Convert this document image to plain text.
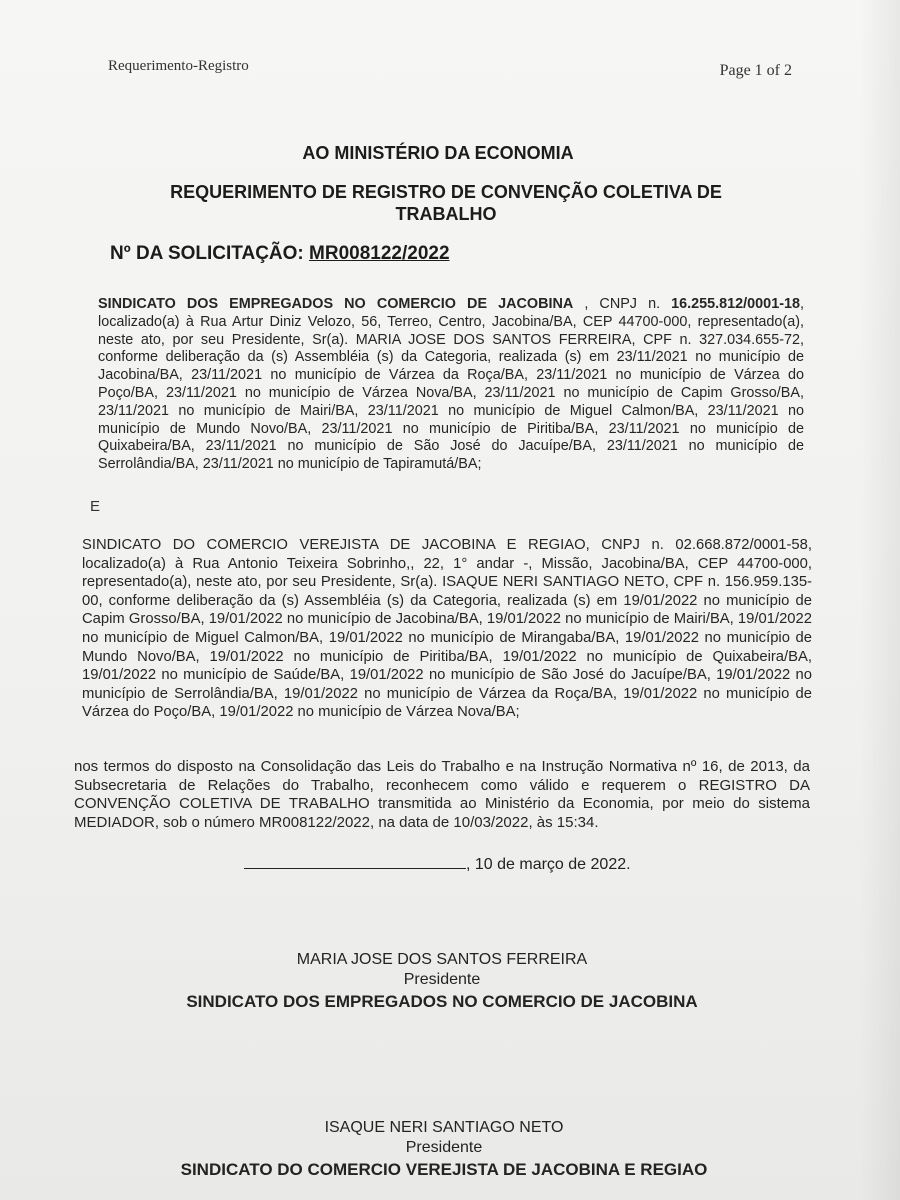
Requerimento-Registro	Page 1 of 2
AO MINISTÉRIO DA ECONOMIA
REQUERIMENTO DE REGISTRO DE CONVENÇÃO COLETIVA DE TRABALHO
Nº DA SOLICITAÇÃO: MR008122/2022
SINDICATO DOS EMPREGADOS NO COMERCIO DE JACOBINA , CNPJ n. 16.255.812/0001-18, localizado(a) à Rua Artur Diniz Velozo, 56, Terreo, Centro, Jacobina/BA, CEP 44700-000, representado(a), neste ato, por seu Presidente, Sr(a). MARIA JOSE DOS SANTOS FERREIRA, CPF n. 327.034.655-72, conforme deliberação da (s) Assembléia (s) da Categoria, realizada (s) em 23/11/2021 no município de Jacobina/BA, 23/11/2021 no município de Várzea da Roça/BA, 23/11/2021 no município de Várzea do Poço/BA, 23/11/2021 no município de Várzea Nova/BA, 23/11/2021 no município de Capim Grosso/BA, 23/11/2021 no município de Mairi/BA, 23/11/2021 no município de Miguel Calmon/BA, 23/11/2021 no município de Mundo Novo/BA, 23/11/2021 no município de Piritiba/BA, 23/11/2021 no município de Quixabeira/BA, 23/11/2021 no município de São José do Jacuípe/BA, 23/11/2021 no município de Serrolândia/BA, 23/11/2021 no município de Tapiramutá/BA;
E
SINDICATO DO COMERCIO VEREJISTA DE JACOBINA E REGIAO, CNPJ n. 02.668.872/0001-58, localizado(a) à Rua Antonio Teixeira Sobrinho,, 22, 1° andar -, Missão, Jacobina/BA, CEP 44700-000, representado(a), neste ato, por seu Presidente, Sr(a). ISAQUE NERI SANTIAGO NETO, CPF n. 156.959.135-00, conforme deliberação da (s) Assembléia (s) da Categoria, realizada (s) em 19/01/2022 no município de Capim Grosso/BA, 19/01/2022 no município de Jacobina/BA, 19/01/2022 no município de Mairi/BA, 19/01/2022 no município de Miguel Calmon/BA, 19/01/2022 no município de Mirangaba/BA, 19/01/2022 no município de Mundo Novo/BA, 19/01/2022 no município de Piritiba/BA, 19/01/2022 no município de Quixabeira/BA, 19/01/2022 no município de Saúde/BA, 19/01/2022 no município de São José do Jacuípe/BA, 19/01/2022 no município de Serrolândia/BA, 19/01/2022 no município de Várzea da Roça/BA, 19/01/2022 no município de Várzea do Poço/BA, 19/01/2022 no município de Várzea Nova/BA;
nos termos do disposto na Consolidação das Leis do Trabalho e na Instrução Normativa nº 16, de 2013, da Subsecretaria de Relações do Trabalho, reconhecem como válido e requerem o REGISTRO DA CONVENÇÃO COLETIVA DE TRABALHO transmitida ao Ministério da Economia, por meio do sistema MEDIADOR, sob o número MR008122/2022, na data de 10/03/2022, às 15:34.
, 10 de março de 2022.
MARIA JOSE DOS SANTOS FERREIRA
Presidente
SINDICATO DOS EMPREGADOS NO COMERCIO DE JACOBINA
ISAQUE NERI SANTIAGO NETO
Presidente
SINDICATO DO COMERCIO VEREJISTA DE JACOBINA E REGIAO
